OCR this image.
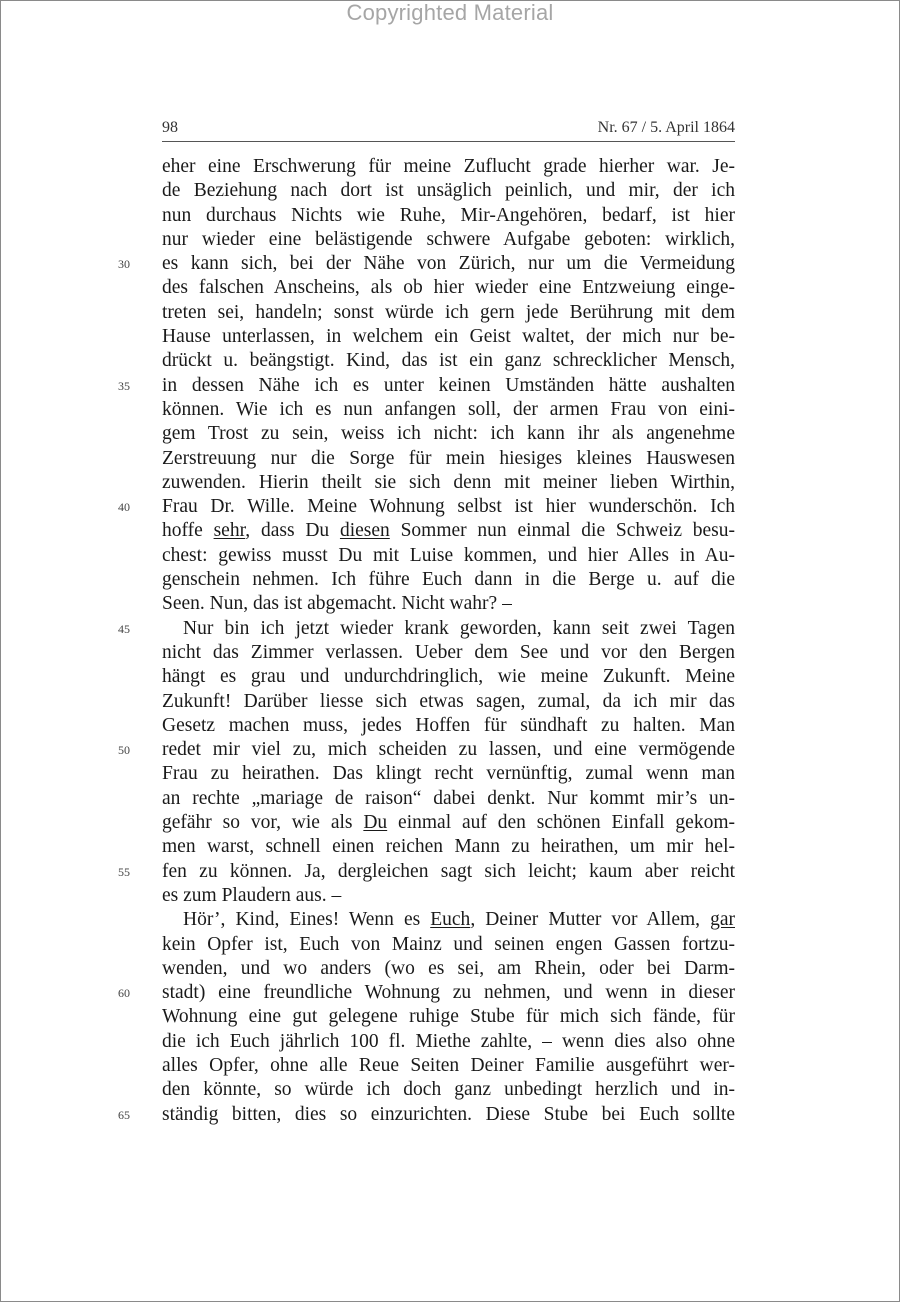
Copyrighted Material
98	Nr. 67 / 5. April 1864
30
35
40
45
50
55
60
65
eher eine Erschwerung für meine Zuflucht grade hierher war. Je-
de Beziehung nach dort ist unsäglich peinlich, und mir, der ich
nun durchaus Nichts wie Ruhe, Mir-Angehören, bedarf, ist hier
nur wieder eine belästigende schwere Aufgabe geboten: wirklich,
es kann sich, bei der Nähe von Zürich, nur um die Vermeidung
des falschen Anscheins, als ob hier wieder eine Entzweiung einge-
treten sei, handeln; sonst würde ich gern jede Berührung mit dem
Hause unterlassen, in welchem ein Geist waltet, der mich nur be-
drückt u. beängstigt. Kind, das ist ein ganz schrecklicher Mensch,
in dessen Nähe ich es unter keinen Umständen hätte aushalten
können. Wie ich es nun anfangen soll, der armen Frau von eini-
gem Trost zu sein, weiss ich nicht: ich kann ihr als angenehme
Zerstreuung nur die Sorge für mein hiesiges kleines Hauswesen
zuwenden. Hierin theilt sie sich denn mit meiner lieben Wirthin,
Frau Dr. Wille. Meine Wohnung selbst ist hier wunderschön. Ich
hoffe sehr, dass Du diesen Sommer nun einmal die Schweiz besu-
chest: gewiss musst Du mit Luise kommen, und hier Alles in Au-
genschein nehmen. Ich führe Euch dann in die Berge u. auf die
Seen. Nun, das ist abgemacht. Nicht wahr? –
Nur bin ich jetzt wieder krank geworden, kann seit zwei Tagen
nicht das Zimmer verlassen. Ueber dem See und vor den Bergen
hängt es grau und undurchdringlich, wie meine Zukunft. Meine
Zukunft! Darüber liesse sich etwas sagen, zumal, da ich mir das
Gesetz machen muss, jedes Hoffen für sündhaft zu halten. Man
redet mir viel zu, mich scheiden zu lassen, und eine vermögende
Frau zu heirathen. Das klingt recht vernünftig, zumal wenn man
an rechte „mariage de raison“ dabei denkt. Nur kommt mir’s un-
gefähr so vor, wie als Du einmal auf den schönen Einfall gekom-
men warst, schnell einen reichen Mann zu heirathen, um mir hel-
fen zu können. Ja, dergleichen sagt sich leicht; kaum aber reicht
es zum Plaudern aus. –
Hör’, Kind, Eines! Wenn es Euch, Deiner Mutter vor Allem, gar
kein Opfer ist, Euch von Mainz und seinen engen Gassen fortzu-
wenden, und wo anders (wo es sei, am Rhein, oder bei Darm-
stadt) eine freundliche Wohnung zu nehmen, und wenn in dieser
Wohnung eine gut gelegene ruhige Stube für mich sich fände, für
die ich Euch jährlich 100 fl. Miethe zahlte, – wenn dies also ohne
alles Opfer, ohne alle Reue Seiten Deiner Familie ausgeführt wer-
den könnte, so würde ich doch ganz unbedingt herzlich und in-
ständig bitten, dies so einzurichten. Diese Stube bei Euch sollte
